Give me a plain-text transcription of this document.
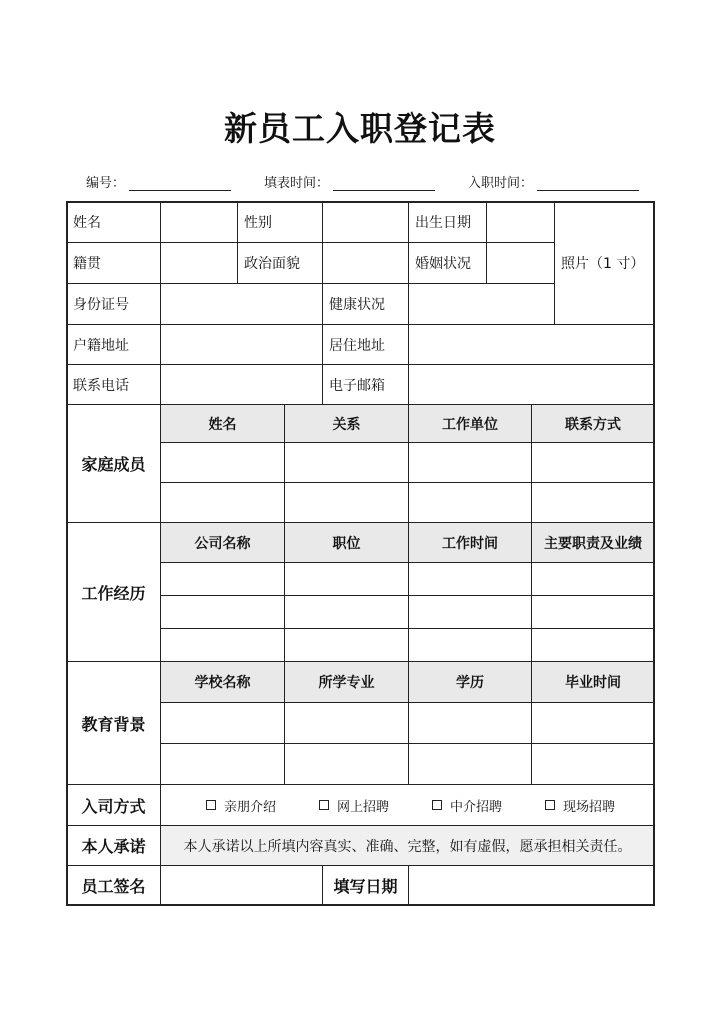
新员工入职登记表
编号：	填表时间：	入职时间：
姓名	性别	出生日期
照片（1 寸）
籍贯	政治面貌	婚姻状况
身份证号	健康状况
户籍地址	居住地址
联系电话	电子邮箱
家庭成员
姓名	关系	工作单位	联系方式
工作经历
公司名称	职位	工作时间	主要职责及业绩
教育背景
学校名称	所学专业	学历	毕业时间
入司方式	亲朋介绍	网上招聘	中介招聘	现场招聘
本人承诺	本人承诺以上所填内容真实、准确、完整，如有虚假，愿承担相关责任。
员工签名	填写日期
